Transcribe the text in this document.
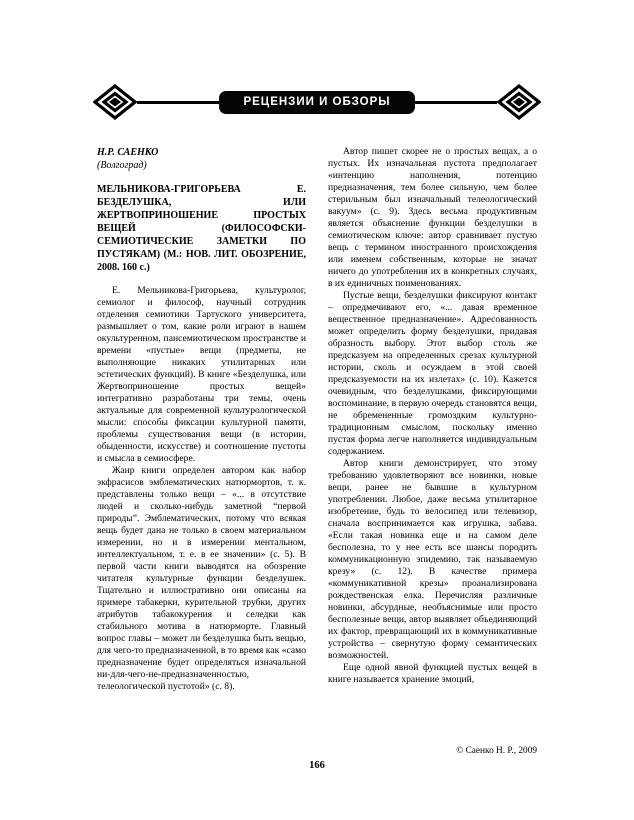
РЕЦЕНЗИИ И ОБЗОРЫ
Н.Р. САЕНКО
(Волгоград)
МЕЛЬНИКОВА-ГРИГОРЬЕВА Е. БЕЗДЕЛУШКА, ИЛИ ЖЕРТВОПРИНОШЕНИЕ ПРОСТЫХ ВЕЩЕЙ (ФИЛОСОФСКИ-СЕМИОТИЧЕСКИЕ ЗАМЕТКИ ПО ПУСТЯКАМ) (М.: НОВ. ЛИТ. ОБОЗРЕНИЕ, 2008. 160 с.)

Е. Мельникова-Григорьева, культуролог, семиолог и философ, научный сотрудник отделения семиотики Тартуского университета, размышляет о том, какие роли играют в нашем окультуренном, пансемиотическом пространстве и времени «пустые» вещи (предметы, не выполняющие никаких утилитарных или эстетических функций). В книге «Безделушка, или Жертвоприношение простых вещей» интегративно разработаны три темы, очень актуальные для современной культурологической мысли: способы фиксации культурной памяти, проблемы существования вещи (в истории, обыденности, искусстве) и соотношение пустоты и смысла в семиосфере.

Жанр книги определен автором как набор экфрасисов эмблематических натюрмортов, т. к. представлены только вещи – «... в отсутствие людей и сколько-нибудь заметной “первой природы”. Эмблематических, потому что всякая вещь будет дана не только в своем материальном измерении, но и в измерении ментальном, интеллектуальном, т. е. в ее значении» (с. 5). В первой части книги выводятся на обозрение читателя культурные функции безделушек. Тщательно и иллюстративно они описаны на примере табакерки, курительной трубки, других атрибутов табакокурения и селедки как стабильного мотива в натюрморте. Главный вопрос главы – может ли безделушка быть вещью, для чего-то предназначенной, в то время как «само предназначение будет определяться изначальной ни-для-чего-не-предназначенностью, телеологической пустотой» (с. 8).

Автор пишет скорее не о простых вещах, а о пустых. Их изначальная пустота предполагает «интенцию наполнения, потенцию предназначения, тем более сильную, чем более стерильным был изначальный телеологический вакуум» (с. 9). Здесь весьма продуктивным является объяснение функции безделушки в семиотическом ключе: автор сравнивает пустую вещь с термином иностранного происхождения или именем собственным, которые не значат ничего до употребления их в конкретных случаях, в их единичных поименованиях.

Пустые вещи, безделушки фиксируют контакт – опредмечивают его, «... давая временное вещественное предназначение». Адресованность может определить форму безделушки, придавая образность выбору. Этот выбор столь же предсказуем на определенных срезах культурной истории, сколь и осуждаем в этой своей предсказуемости на их излетах» (с. 10). Кажется очевидным, что безделушками, фиксирующими воспоминание, в первую очередь становятся вещи, не обремененные громоздким культурно-традиционным смыслом, поскольку именно пустая форма легче наполняется индивидуальным содержанием.

Автор книги демонстрирует, что этому требованию удовлетворяют все новинки, новые вещи, ранее не бывшие в культурном употреблении. Любое, даже весьма утилитарное изобретение, будь то велосипед или телевизор, сначала воспринимается как игрушка, забава. «Если такая новинка еще и на самом деле бесполезна, то у нее есть все шансы породить коммуникационную эпидемию, так называемую крезу» (с. 12). В качестве примера «коммуникативной крезы» проанализирована рождественская елка. Перечисляя различные новинки, абсурдные, необъяснимые или просто бесполезные вещи, автор выявляет объединяющий их фактор, превращающий их в коммуникативные устройства – свернутую форму семантических возможностей.

Еще одной явной функцией пустых вещей в книге называется хранение эмоций,

© Саенко Н. Р., 2009
166
